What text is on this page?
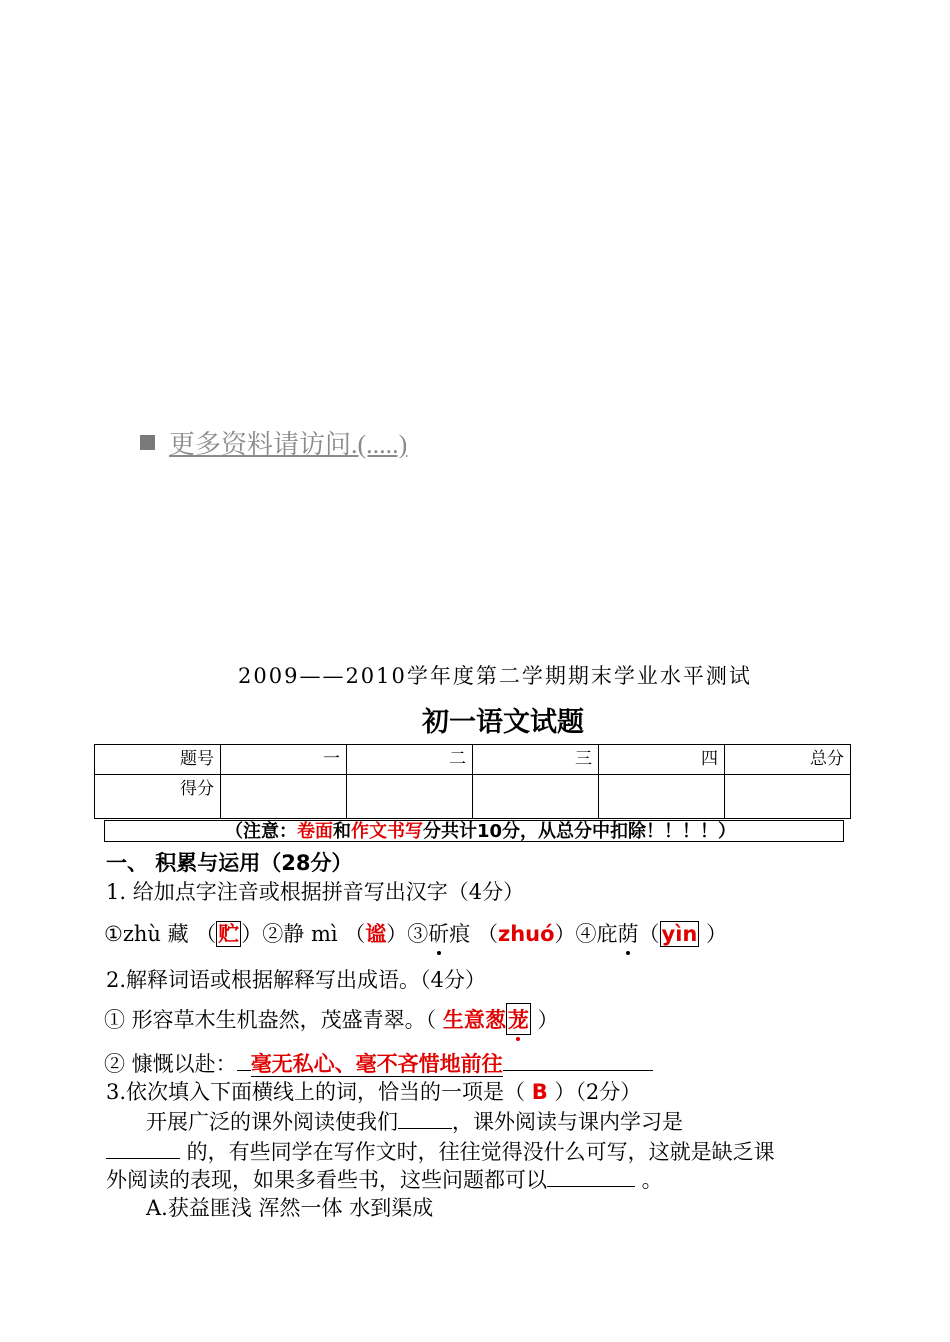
更多资料请访问.(.....)
2009——2010学年度第二学期期末学业水平测试
初一语文试题
题号	一	二	三	四	总分
得分					
（注意：卷面和作文书写分共计10分，从总分中扣除！！！！）
一、 积累与运用（28分）
1. 给加点字注音或根据拼音写出汉字（4分）
①zhù 藏 （贮）②静 mì （谧）③斫痕 （zhuó）④庇荫（yìn ）
2.解释词语或根据解释写出成语。（4分）
① 形容草木生机盎然，茂盛青翠。（ 生意葱茏 ）
② 慷慨以赴： 毫无私心、毫不吝惜地前往
3.依次填入下面横线上的词，恰当的一项是（ B ）（2分）
开展广泛的课外阅读使我们	，课外阅读与课内学习是
的，有些同学在写作文时，往往觉得没什么可写，这就是缺乏课
外阅读的表现，如果多看些书，这些问题都可以	。
A.获益匪浅 浑然一体 水到渠成
